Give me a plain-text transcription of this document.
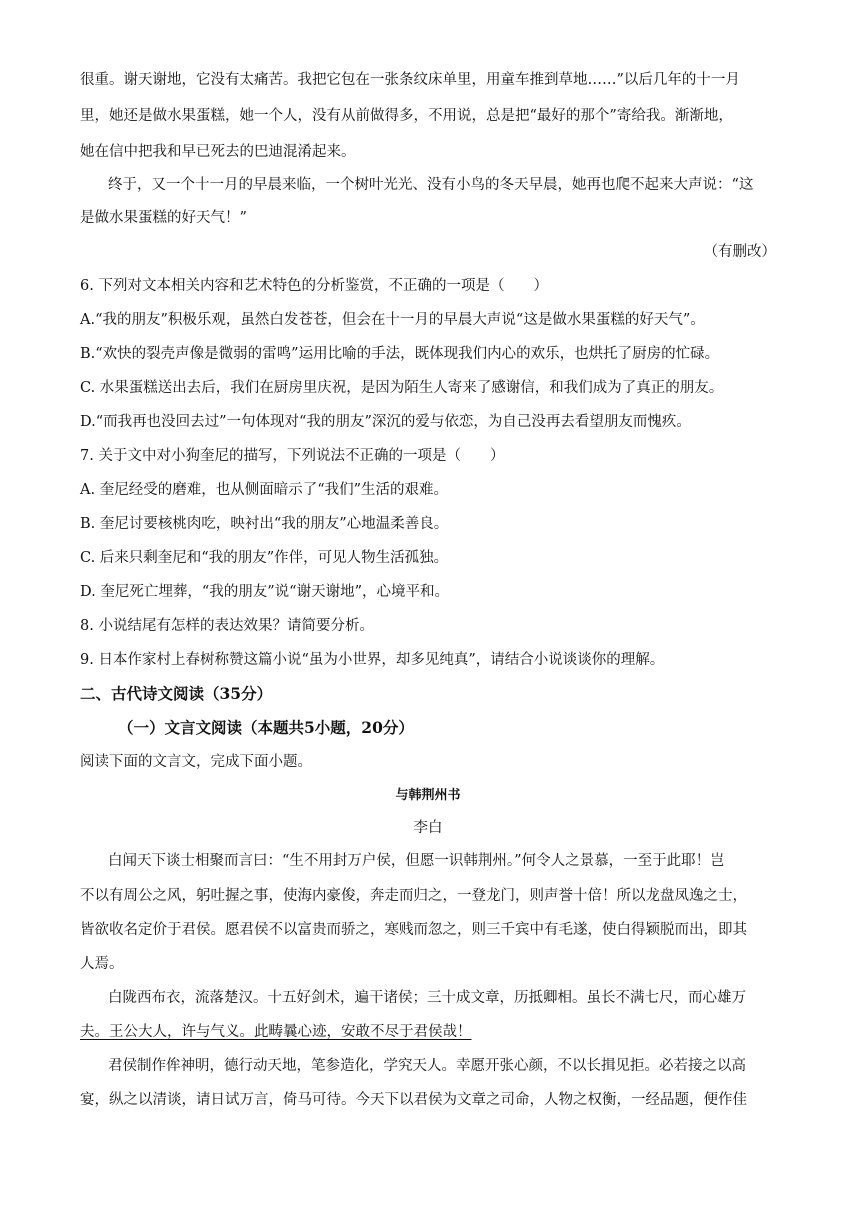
很重。谢天谢地，它没有太痛苦。我把它包在一张条纹床单里，用童车推到草地……”以后几年的十一月
里，她还是做水果蛋糕，她一个人，没有从前做得多，不用说，总是把“最好的那个”寄给我。渐渐地，
她在信中把我和早已死去的巴迪混淆起来。
终于，又一个十一月的早晨来临，一个树叶光光、没有小鸟的冬天早晨，她再也爬不起来大声说：“这
是做水果蛋糕的好天气！”
（有删改）
6. 下列对文本相关内容和艺术特色的分析鉴赏，不正确的一项是（　　）
A.“我的朋友”积极乐观，虽然白发苍苍，但会在十一月的早晨大声说“这是做水果蛋糕的好天气”。
B.“欢快的裂壳声像是微弱的雷鸣”运用比喻的手法，既体现我们内心的欢乐，也烘托了厨房的忙碌。
C. 水果蛋糕送出去后，我们在厨房里庆祝，是因为陌生人寄来了感谢信，和我们成为了真正的朋友。
D.“而我再也没回去过”一句体现对“我的朋友”深沉的爱与依恋，为自己没再去看望朋友而愧疚。
7. 关于文中对小狗奎尼的描写，下列说法不正确的一项是（　　）
A. 奎尼经受的磨难，也从侧面暗示了“我们”生活的艰难。
B. 奎尼讨要核桃肉吃，映衬出“我的朋友”心地温柔善良。
C. 后来只剩奎尼和“我的朋友”作伴，可见人物生活孤独。
D. 奎尼死亡埋葬，“我的朋友”说“谢天谢地”，心境平和。
8. 小说结尾有怎样的表达效果？请简要分析。
9. 日本作家村上春树称赞这篇小说“虽为小世界，却多见纯真”，请结合小说谈谈你的理解。
二、古代诗文阅读（35分）
（一）文言文阅读（本题共5小题，20分）
阅读下面的文言文，完成下面小题。
与韩荆州书
李白
白闻天下谈士相聚而言曰：“生不用封万户侯，但愿一识韩荆州。”何令人之景慕，一至于此耶！岂
不以有周公之风，躬吐握之事，使海内豪俊，奔走而归之，一登龙门，则声誉十倍！所以龙盘凤逸之士，
皆欲收名定价于君侯。愿君侯不以富贵而骄之，寒贱而忽之，则三千宾中有毛遂，使白得颖脱而出，即其
人焉。
白陇西布衣，流落楚汉。十五好剑术，遍干诸侯；三十成文章，历抵卿相。虽长不满七尺，而心雄万
夫。王公大人，许与气义。此畴曩心迹，安敢不尽于君侯哉！
君侯制作侔神明，德行动天地，笔参造化，学究天人。幸愿开张心颜，不以长揖见拒。必若接之以高
宴，纵之以清谈，请日试万言，倚马可待。今天下以君侯为文章之司命，人物之权衡，一经品题，便作佳
